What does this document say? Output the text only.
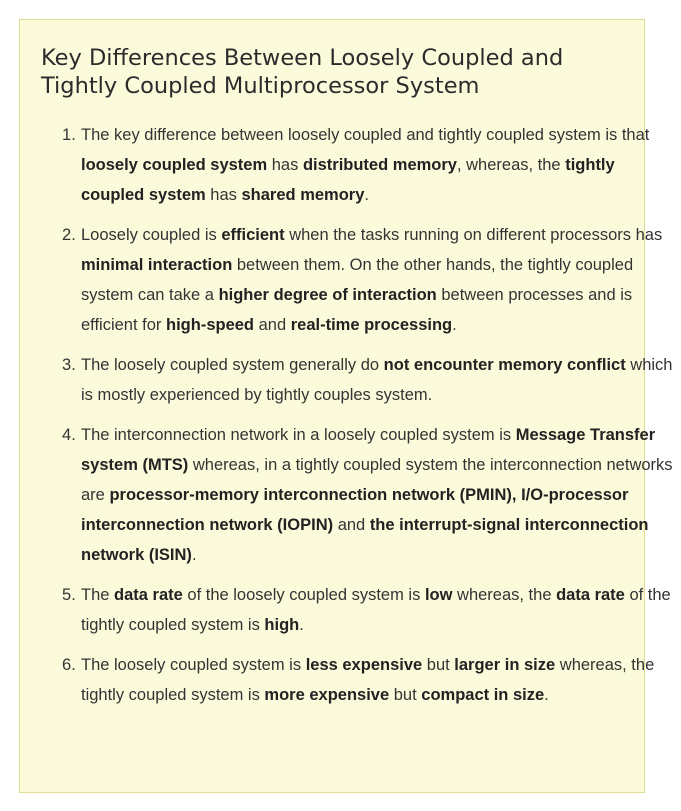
Key Differences Between Loosely Coupled and
Tightly Coupled Multiprocessor System
The key difference between loosely coupled and tightly coupled system is that loosely coupled system has distributed memory, whereas, the tightly coupled system has shared memory.
Loosely coupled is efficient when the tasks running on different processors has minimal interaction between them. On the other hands, the tightly coupled system can take a higher degree of interaction between processes and is efficient for high-speed and real-time processing.
The loosely coupled system generally do not encounter memory conflict which is mostly experienced by tightly couples system.
The interconnection network in a loosely coupled system is Message Transfer system (MTS) whereas, in a tightly coupled system the interconnection networks are processor-memory interconnection network (PMIN), I/O-processor interconnection network (IOPIN) and the interrupt-signal interconnection network (ISIN).
The data rate of the loosely coupled system is low whereas, the data rate of the tightly coupled system is high.
The loosely coupled system is less expensive but larger in size whereas, the tightly coupled system is more expensive but compact in size.
